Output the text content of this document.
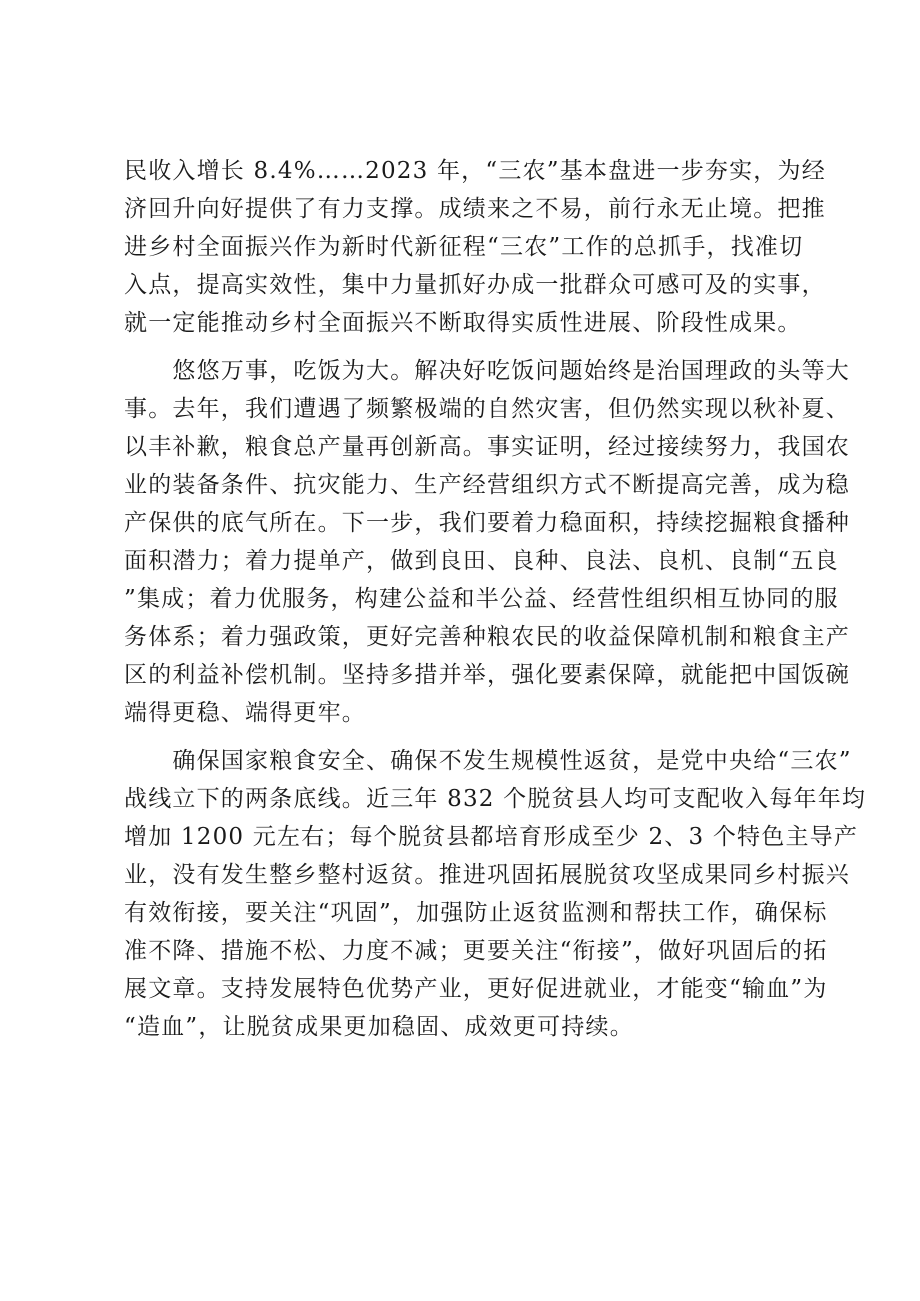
民收入增长 8.4%……2023 年，“三农”基本盘进一步夯实，为经
济回升向好提供了有力支撑。成绩来之不易，前行永无止境。把推
进乡村全面振兴作为新时代新征程“三农”工作的总抓手，找准切
入点，提高实效性，集中力量抓好办成一批群众可感可及的实事，
就一定能推动乡村全面振兴不断取得实质性进展、阶段性成果。
　　悠悠万事，吃饭为大。解决好吃饭问题始终是治国理政的头等大
事。去年，我们遭遇了频繁极端的自然灾害，但仍然实现以秋补夏、
以丰补歉，粮食总产量再创新高。事实证明，经过接续努力，我国农
业的装备条件、抗灾能力、生产经营组织方式不断提高完善，成为稳
产保供的底气所在。下一步，我们要着力稳面积，持续挖掘粮食播种
面积潜力；着力提单产，做到良田、良种、良法、良机、良制“五良
”集成；着力优服务，构建公益和半公益、经营性组织相互协同的服
务体系；着力强政策，更好完善种粮农民的收益保障机制和粮食主产
区的利益补偿机制。坚持多措并举，强化要素保障，就能把中国饭碗
端得更稳、端得更牢。
　　确保国家粮食安全、确保不发生规模性返贫，是党中央给“三农”
战线立下的两条底线。近三年 832 个脱贫县人均可支配收入每年年均
增加 1200 元左右；每个脱贫县都培育形成至少 2、3 个特色主导产
业，没有发生整乡整村返贫。推进巩固拓展脱贫攻坚成果同乡村振兴
有效衔接，要关注“巩固”，加强防止返贫监测和帮扶工作，确保标
准不降、措施不松、力度不减；更要关注“衔接”，做好巩固后的拓
展文章。支持发展特色优势产业，更好促进就业，才能变“输血”为
“造血”，让脱贫成果更加稳固、成效更可持续。
